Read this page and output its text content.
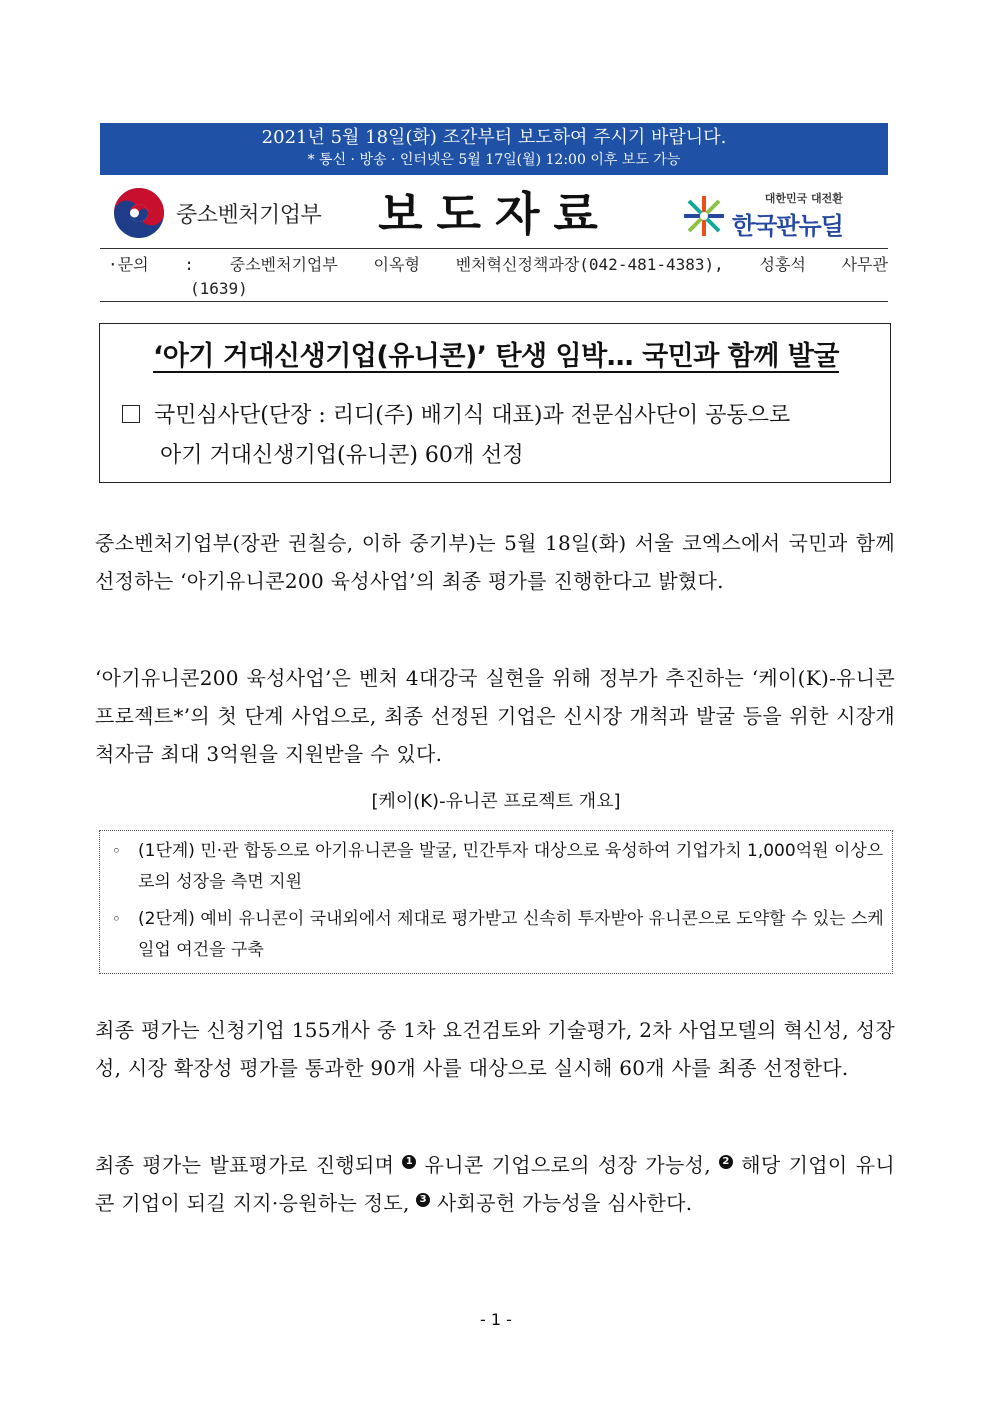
2021년 5월 18일(화) 조간부터 보도하여 주시기 바랍니다.
* 통신 · 방송 · 인터넷은 5월 17일(월) 12:00 이후 보도 가능
중소벤처기업부	보도자료	대한민국 대전환
한국판뉴딜
·문의 : 중소벤처기업부 이옥형 벤처혁신정책과장(042-481-4383), 성홍석 사무관
(1639)
‘아기 거대신생기업(유니콘)’ 탄생 임박… 국민과 함께 발굴
국민심사단(단장 : 리디(주) 배기식 대표)과 전문심사단이 공동으로
아기 거대신생기업(유니콘) 60개 선정
중소벤처기업부(장관 권칠승, 이하 중기부)는 5월 18일(화) 서울 코엑스에서 국민과 함께 선정하는 ‘아기유니콘200 육성사업’의 최종 평가를 진행한다고 밝혔다.
‘아기유니콘200 육성사업’은 벤처 4대강국 실현을 위해 정부가 추진하는 ‘케이(K)-유니콘 프로젝트*’의 첫 단계 사업으로, 최종 선정된 기업은 신시장 개척과 발굴 등을 위한 시장개척자금 최대 3억원을 지원받을 수 있다.
[케이(K)-유니콘 프로젝트 개요]
◦ (1단계) 민·관 합동으로 아기유니콘을 발굴, 민간투자 대상으로 육성하여 기업가치 1,000억원 이상으로의 성장을 측면 지원
◦ (2단계) 예비 유니콘이 국내외에서 제대로 평가받고 신속히 투자받아 유니콘으로 도약할 수 있는 스케일업 여건을 구축
최종 평가는 신청기업 155개사 중 1차 요건검토와 기술평가, 2차 사업모델의 혁신성, 성장성, 시장 확장성 평가를 통과한 90개 사를 대상으로 실시해 60개 사를 최종 선정한다.
최종 평가는 발표평가로 진행되며 1 유니콘 기업으로의 성장 가능성, 2 해당 기업이 유니콘 기업이 되길 지지·응원하는 정도, 3 사회공헌 가능성을 심사한다.
- 1 -
